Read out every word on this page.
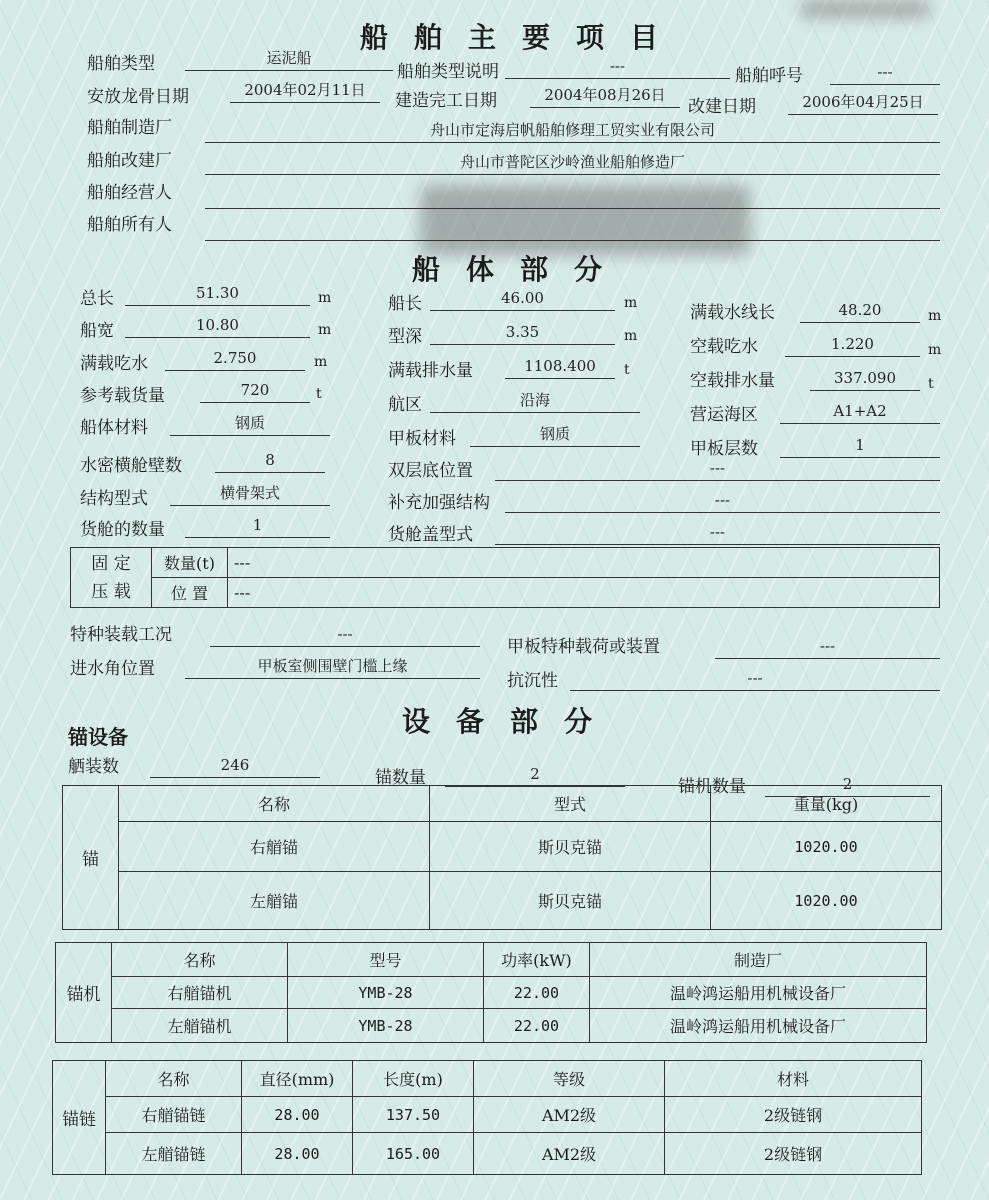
船舶主要项目
船舶类型	运泥船
船舶类型说明	---	船舶呼号	---
安放龙骨日期	2004年02月11日
建造完工日期	2004年08月26日
改建日期	2006年04月25日
船舶制造厂	舟山市定海启帆船舶修理工贸实业有限公司
船舶改建厂	舟山市普陀区沙岭渔业船舶修造厂
船舶经营人
船舶所有人
船体部分
总长	51.30	m
船宽	10.80	m
满载吃水	2.750	m
参考载货量	720	t
船体材料	钢质
水密横舱壁数	8
结构型式	横骨架式
货舱的数量	1
船长	46.00	m
型深	3.35	m
满载排水量	1108.400	t
航区	沿海
甲板材料	钢质
双层底位置	---
补充加强结构	---
货舱盖型式	---
满载水线长	48.20	m
空载吃水	1.220	m
空载排水量	337.090	t
营运海区	A1+A2
甲板层数	1
固 定
压 载	数量(t)	---
	位 置	---
特种装载工况	---
甲板特种载荷或装置	---
进水角位置	甲板室侧围壁门槛上缘
抗沉性	---
设备部分
锚设备
舾装数	246
锚数量	2
锚机数量	2
锚	名称	型式	重量(kg)
	右艏锚	斯贝克锚	1020.00
	左艏锚	斯贝克锚	1020.00
锚机	名称	型号	功率(kW)	制造厂
	右艏锚机	YMB-28	22.00	温岭鸿运船用机械设备厂
	左艏锚机	YMB-28	22.00	温岭鸿运船用机械设备厂
锚链	名称	直径(mm)	长度(m)	等级	材料
	右艏锚链	28.00	137.50	AM2级	2级链钢
	左艏锚链	28.00	165.00	AM2级	2级链钢
